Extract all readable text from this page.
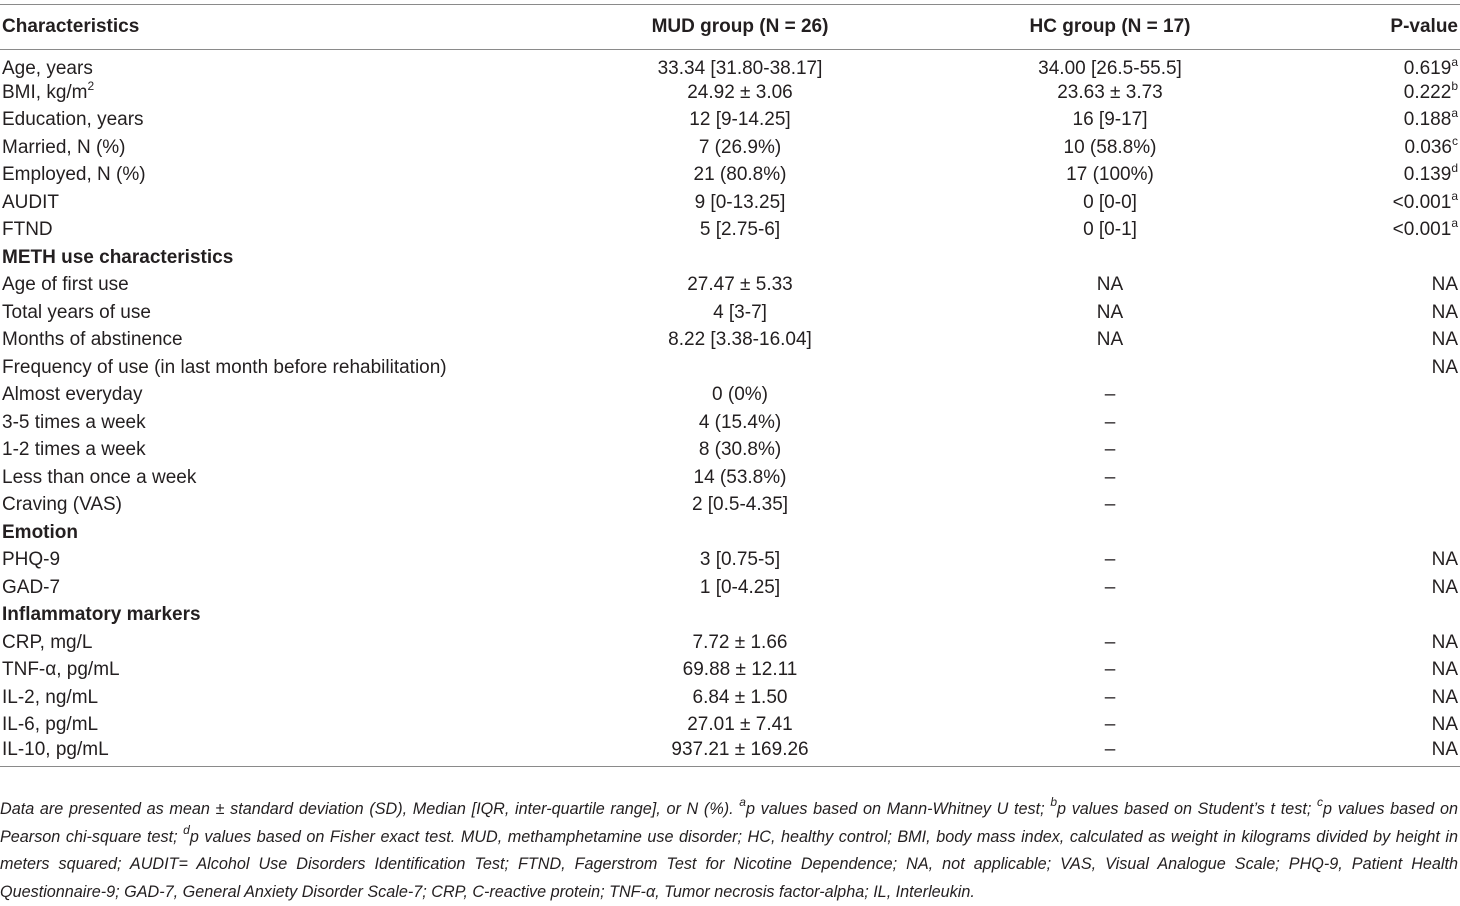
Characteristics	MUD group (N = 26)	HC group (N = 17)	P-value
Age, years	33.34 [31.80-38.17]	34.00 [26.5-55.5]	0.619$^a$
BMI, $kg/m^2$	24.92 ± 3.06	23.63 ± 3.73	0.222$^b$
Education, years	12 [9-14.25]	16 [9-17]	0.188$^a$
Married, N (%)	7 (26.9%)	10 (58.8%)	0.036$^c$
Employed, N (%)	21 (80.8%)	17 (100%)	0.139$^d$
AUDIT	9 [0-13.25]	0 [0-0]	<0.001$^a$
FTND	5 [2.75-6]	0 [0-1]	<0.001$^a$
METH use characteristics			
Age of first use	27.47 ± 5.33	NA	NA
Total years of use	4 [3-7]	NA	NA
Months of abstinence	8.22 [3.38-16.04]	NA	NA
Frequency of use (in last month before rehabilitation)			NA
Almost everyday	0 (0%)	–	
3-5 times a week	4 (15.4%)	–	
1-2 times a week	8 (30.8%)	–	
Less than once a week	14 (53.8%)	–	
Craving (VAS)	2 [0.5-4.35]	–	
Emotion			
PHQ-9	3 [0.75-5]	–	NA
GAD-7	1 [0-4.25]	–	NA
Inflammatory markers			
CRP, mg/L	7.72 ± 1.66	–	NA
TNF-α, pg/mL	69.88 ± 12.11	–	NA
IL-2, ng/mL	6.84 ± 1.50	–	NA
IL-6, pg/mL	27.01 ± 7.41	–	NA
IL-10, pg/mL	937.21 ± 169.26	–	NA
Data are presented as mean ± standard deviation (SD), Median [IQR, inter-quartile range], or N (%). $^a$p values based on Mann-Whitney U test; $^b$p values based on Student’s t test; $^c$p values based on Pearson chi-square test; $^d$p values based on Fisher exact test. MUD, methamphetamine use disorder; HC, healthy control; BMI, body mass index, calculated as weight in kilograms divided by height in meters squared; AUDIT= Alcohol Use Disorders Identification Test; FTND, Fagerstrom Test for Nicotine Dependence; NA, not applicable; VAS, Visual Analogue Scale; PHQ-9, Patient Health Questionnaire-9; GAD-7, General Anxiety Disorder Scale-7; CRP, C-reactive protein; TNF-α, Tumor necrosis factor-alpha; IL, Interleukin.
